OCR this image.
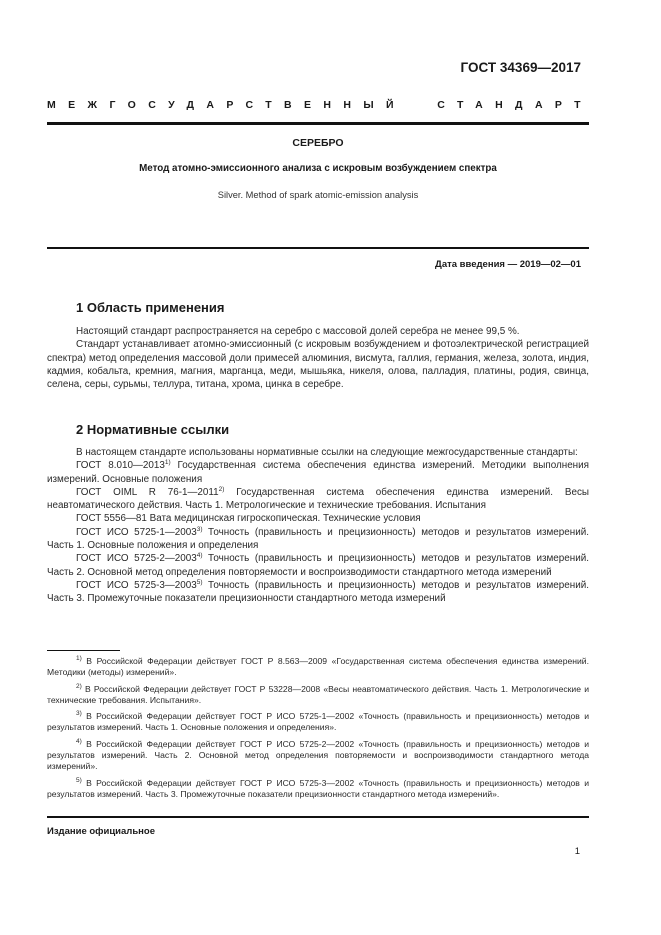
ГОСТ 34369—2017
МЕЖГОСУДАРСТВЕННЫЙ	СТАНДАРТ
СЕРЕБРО
Метод атомно-эмиссионного анализа с искровым возбуждением спектра
Silver. Method of spark atomic-emission analysis
Дата введения — 2019—02—01
1 Область применения

Настоящий стандарт распространяется на серебро с массовой долей серебра не менее 99,5 %.

Стандарт устанавливает атомно-эмиссионный (с искровым возбуждением и фотоэлектрической регистрацией спектра) метод определения массовой доли примесей алюминия, висмута, галлия, германия, железа, золота, индия, кадмия, кобальта, кремния, магния, марганца, меди, мышьяка, никеля, олова, палладия, платины, родия, свинца, селена, серы, сурьмы, теллура, титана, хрома, цинка в серебре.

2 Нормативные ссылки

В настоящем стандарте использованы нормативные ссылки на следующие межгосударственные стандарты:

ГОСТ 8.010—2013$^{1)}$ Государственная система обеспечения единства измерений. Методики выполнения измерений. Основные положения

ГОСТ OIML R 76-1—2011$^{2)}$ Государственная система обеспечения единства измерений. Весы неавтоматического действия. Часть 1. Метрологические и технические требования. Испытания

ГОСТ 5556—81 Вата медицинская гигроскопическая. Технические условия

ГОСТ ИСО 5725-1—2003$^{3)}$ Точность (правильность и прецизионность) методов и результатов измерений. Часть 1. Основные положения и определения

ГОСТ ИСО 5725-2—2003$^{4)}$ Точность (правильность и прецизионность) методов и результатов измерений. Часть 2. Основной метод определения повторяемости и воспроизводимости стандартного метода измерений

ГОСТ ИСО 5725-3—2003$^{5)}$ Точность (правильность и прецизионность) методов и результатов измерений. Часть 3. Промежуточные показатели прецизионности стандартного метода измерений

$^{1)}$ В Российской Федерации действует ГОСТ Р 8.563—2009 «Государственная система обеспечения единства измерений. Методики (методы) измерений».

$^{2)}$ В Российской Федерации действует ГОСТ Р 53228—2008 «Весы неавтоматического действия. Часть 1. Метрологические и технические требования. Испытания».

$^{3)}$ В Российской Федерации действует ГОСТ Р ИСО 5725-1—2002 «Точность (правильность и прецизионность) методов и результатов измерений. Часть 1. Основные положения и определения».

$^{4)}$ В Российской Федерации действует ГОСТ Р ИСО 5725-2—2002 «Точность (правильность и прецизионность) методов и результатов измерений. Часть 2. Основной метод определения повторяемости и воспроизводимости стандартного метода измерений».

$^{5)}$ В Российской Федерации действует ГОСТ Р ИСО 5725-3—2002 «Точность (правильность и прецизионность) методов и результатов измерений. Часть 3. Промежуточные показатели прецизионности стандартного метода измерений».

Издание официальное
1
